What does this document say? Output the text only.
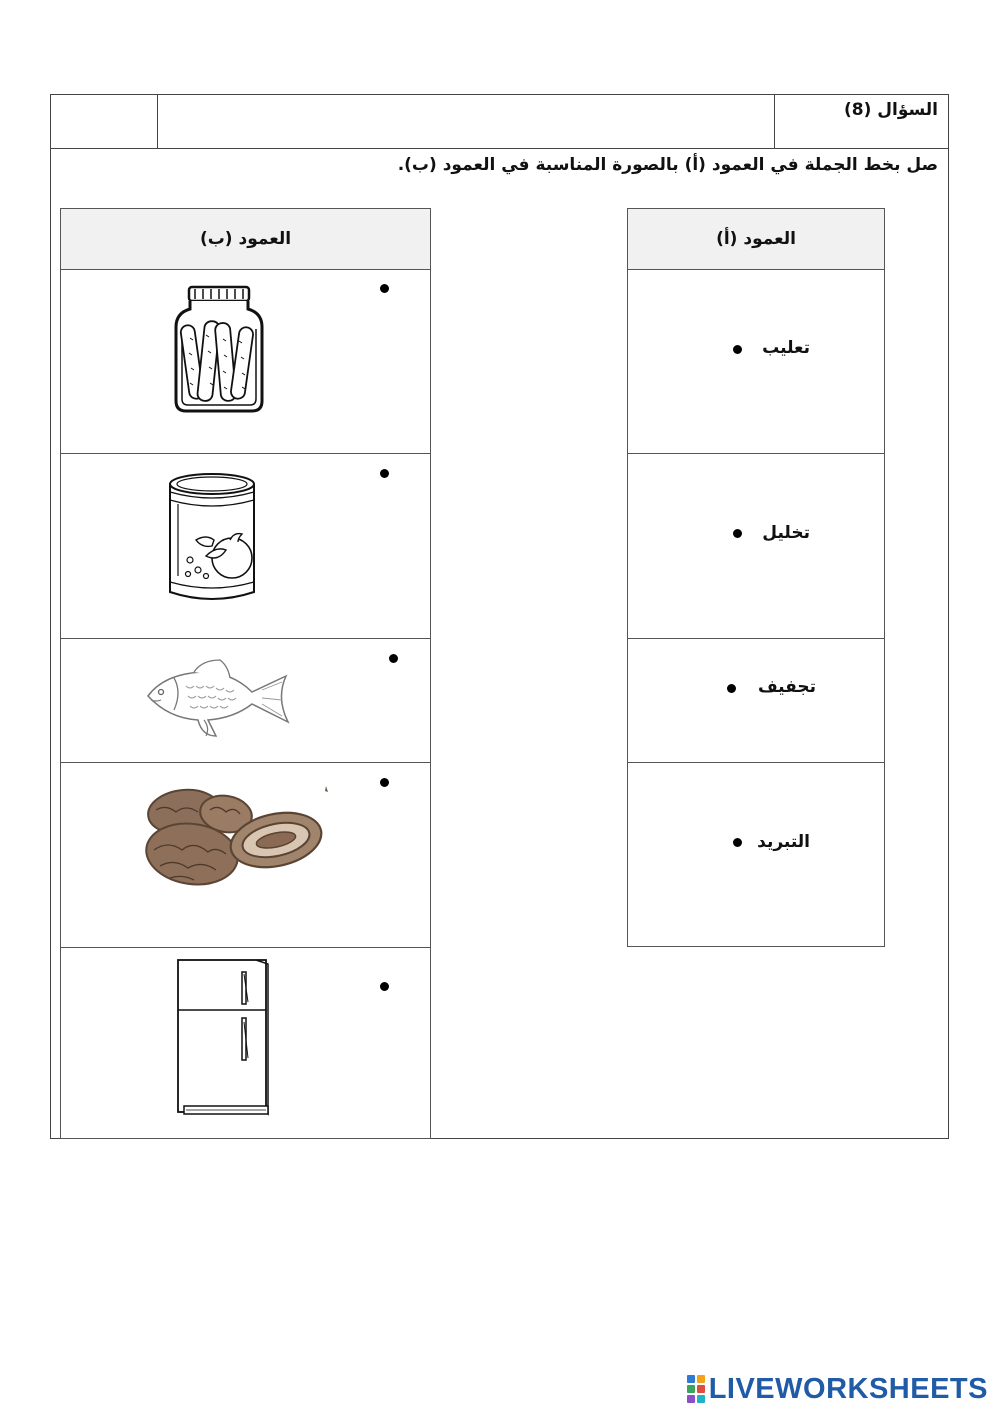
السؤال (8)
صل بخط الجملة في العمود (أ) بالصورة المناسبة في العمود (ب).
العمود (ب)	العمود (أ)
تعليب
تخليل
تجفيف
التبريد
LIVEWORKSHEETS
